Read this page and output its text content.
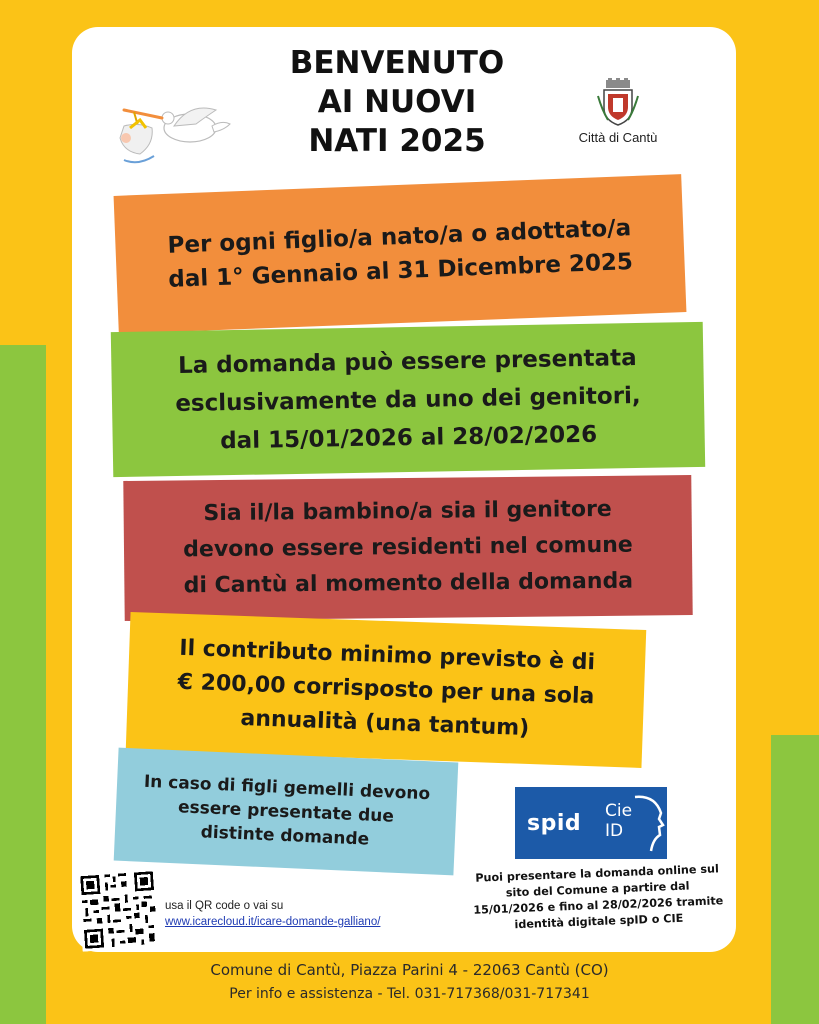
BENVENUTO
AI NUOVI
NATI 2025	Città di Cantù
Per ogni figlio/a nato/a o adottato/a
dal 1° Gennaio al 31 Dicembre 2025
La domanda può essere presentata
esclusivamente da uno dei genitori,
dal 15/01/2026 al 28/02/2026
Sia il/la bambino/a sia il genitore
devono essere residenti nel comune
di Cantù al momento della domanda
Il contributo minimo previsto è di
€ 200,00 corrisposto per una sola
annualità (una tantum)
In caso di figli gemelli devono
essere presentate due
distinte domande	spid Cie
ID
Puoi presentare la domanda online sul
sito del Comune a partire dal
15/01/2026 e fino al 28/02/2026 tramite
identità digitale spID o CIE
usa il QR code o vai su
www.icarecloud.it/icare-domande-galliano/
Comune di Cantù, Piazza Parini 4 - 22063 Cantù (CO)
Per info e assistenza - Tel. 031-717368/031-717341
